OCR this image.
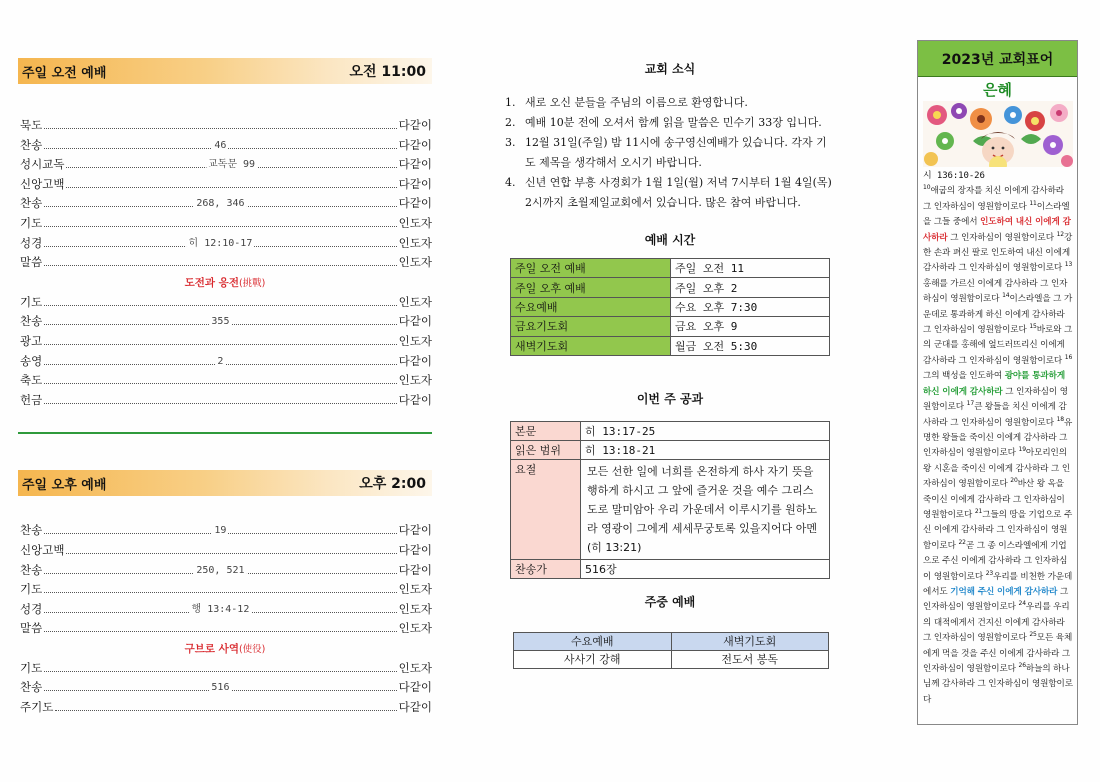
주일 오전 예배	오전 11:00
묵도	다같이
찬송	46	다같이
성시교독	교독문 99	다같이
신앙고백	다같이
찬송	268, 346	다같이
기도	인도자
성경	히 12:10-17	인도자
말씀	인도자
도전과 응전(挑戰)
기도	인도자
찬송	355	다같이
광고	인도자
송영	2	다같이
축도	인도자
헌금	다같이
주일 오후 예배	오후 2:00
찬송	19	다같이
신앙고백	다같이
찬송	250, 521	다같이
기도	인도자
성경	행 13:4-12	인도자
말씀	인도자
구브로 사역(使役)
기도	인도자
찬송	516	다같이
주기도	다같이
교회 소식
1. 새로 오신 분들을 주님의 이름으로 환영합니다.
2. 예배 10분 전에 오셔서 함께 읽을 말씀은 민수기 33장 입니다.
3. 12월 31일(주일) 밤 11시에 송구영신예배가 있습니다. 각자 기도 제목을 생각해서 오시기 바랍니다.
4. 신년 연합 부흥 사경회가 1월 1일(월) 저녁 7시부터 1월 4일(목) 2시까지 초월제일교회에서 있습니다. 많은 참여 바랍니다.
예배 시간
주일 오전 예배	주일 오전 11
주일 오후 예배	주일 오후 2
수요예배	수요 오후 7:30
금요기도회	금요 오후 9
새벽기도회	월금 오전 5:30
이번 주 공과
본문	히 13:17-25
읽은 범위	히 13:18-21
요절	모든 선한 일에 너희를 온전하게 하사 자기 뜻을 행하게 하시고 그 앞에 즐거운 것을 예수 그리스도로 말미암아 우리 가운데서 이루시기를 원하노라 영광이 그에게 세세무궁토록 있을지어다 아멘(히 13:21)
찬송가	516장
주중 예배
수요예배	새벽기도회
사사기 강해	전도서 봉독
2023년 교회표어
은혜
시 136:10-26
$^{10}$애굽의 장자를 치신 이에게 감사하라 그 인자하심이 영원함이로다 $^{11}$이스라엘을 그들 중에서 인도하여 내신 이에게 감사하라 그 인자하심이 영원함이로다 $^{12}$강한 손과 펴신 팔로 인도하여 내신 이에게 감사하라 그 인자하심이 영원함이로다 $^{13}$홍해를 가르신 이에게 감사하라 그 인자하심이 영원함이로다 $^{14}$이스라엘을 그 가운데로 통과하게 하신 이에게 감사하라 그 인자하심이 영원함이로다 $^{15}$바로와 그의 군대를 홍해에 엎드러뜨리신 이에게 감사하라 그 인자하심이 영원함이로다 $^{16}$그의 백성을 인도하여 광야를 통과하게 하신 이에게 감사하라 그 인자하심이 영원함이로다 $^{17}$큰 왕들을 치신 이에게 감사하라 그 인자하심이 영원함이로다 $^{18}$유명한 왕들을 죽이신 이에게 감사하라 그 인자하심이 영원함이로다 $^{19}$아모리인의 왕 시혼을 죽이신 이에게 감사하라 그 인자하심이 영원함이로다 $^{20}$바산 왕 옥을 죽이신 이에게 감사하라 그 인자하심이 영원함이로다 $^{21}$그들의 땅을 기업으로 주신 이에게 감사하라 그 인자하심이 영원함이로다 $^{22}$곧 그 종 이스라엘에게 기업으로 주신 이에게 감사하라 그 인자하심이 영원함이로다 $^{23}$우리를 비천한 가운데에서도 기억해 주신 이에게 감사하라 그 인자하심이 영원함이로다 $^{24}$우리를 우리의 대적에게서 건지신 이에게 감사하라 그 인자하심이 영원함이로다 $^{25}$모든 육체에게 먹을 것을 주신 이에게 감사하라 그 인자하심이 영원함이로다 $^{26}$하늘의 하나님께 감사하라 그 인자하심이 영원함이로다
